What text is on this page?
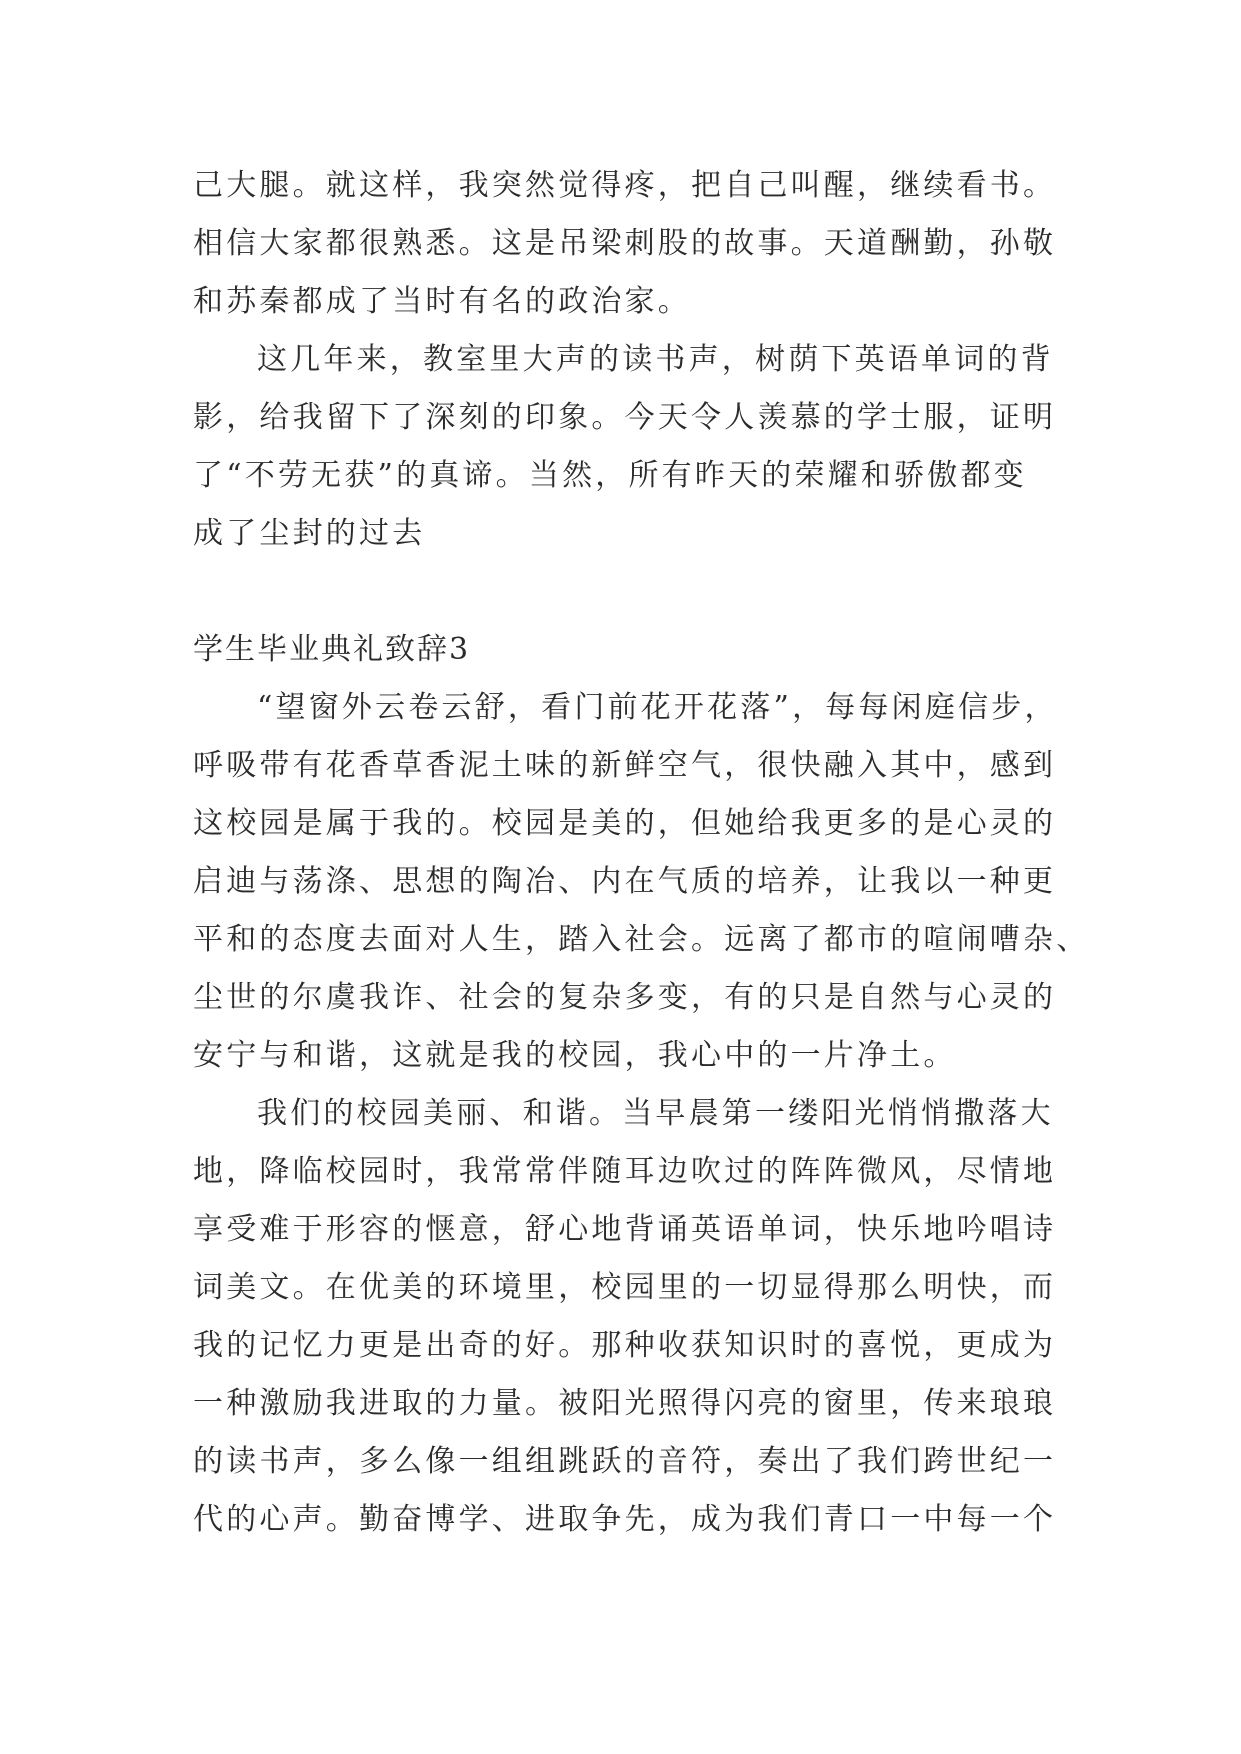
己大腿。就这样，我突然觉得疼，把自己叫醒，继续看书。
相信大家都很熟悉。这是吊梁刺股的故事。天道酬勤，孙敬
和苏秦都成了当时有名的政治家。
这几年来，教室里大声的读书声，树荫下英语单词的背
影，给我留下了深刻的印象。今天令人羡慕的学士服，证明
了“不劳无获”的真谛。当然，所有昨天的荣耀和骄傲都变
成了尘封的过去
学生毕业典礼致辞3
“望窗外云卷云舒，看门前花开花落”，每每闲庭信步，
呼吸带有花香草香泥土味的新鲜空气，很快融入其中，感到
这校园是属于我的。校园是美的，但她给我更多的是心灵的
启迪与荡涤、思想的陶冶、内在气质的培养，让我以一种更
平和的态度去面对人生，踏入社会。远离了都市的喧闹嘈杂、
尘世的尔虞我诈、社会的复杂多变，有的只是自然与心灵的
安宁与和谐，这就是我的校园，我心中的一片净土。
我们的校园美丽、和谐。当早晨第一缕阳光悄悄撒落大
地，降临校园时，我常常伴随耳边吹过的阵阵微风，尽情地
享受难于形容的惬意，舒心地背诵英语单词，快乐地吟唱诗
词美文。在优美的环境里，校园里的一切显得那么明快，而
我的记忆力更是出奇的好。那种收获知识时的喜悦，更成为
一种激励我进取的力量。被阳光照得闪亮的窗里，传来琅琅
的读书声，多么像一组组跳跃的音符，奏出了我们跨世纪一
代的心声。勤奋博学、进取争先，成为我们青口一中每一个
